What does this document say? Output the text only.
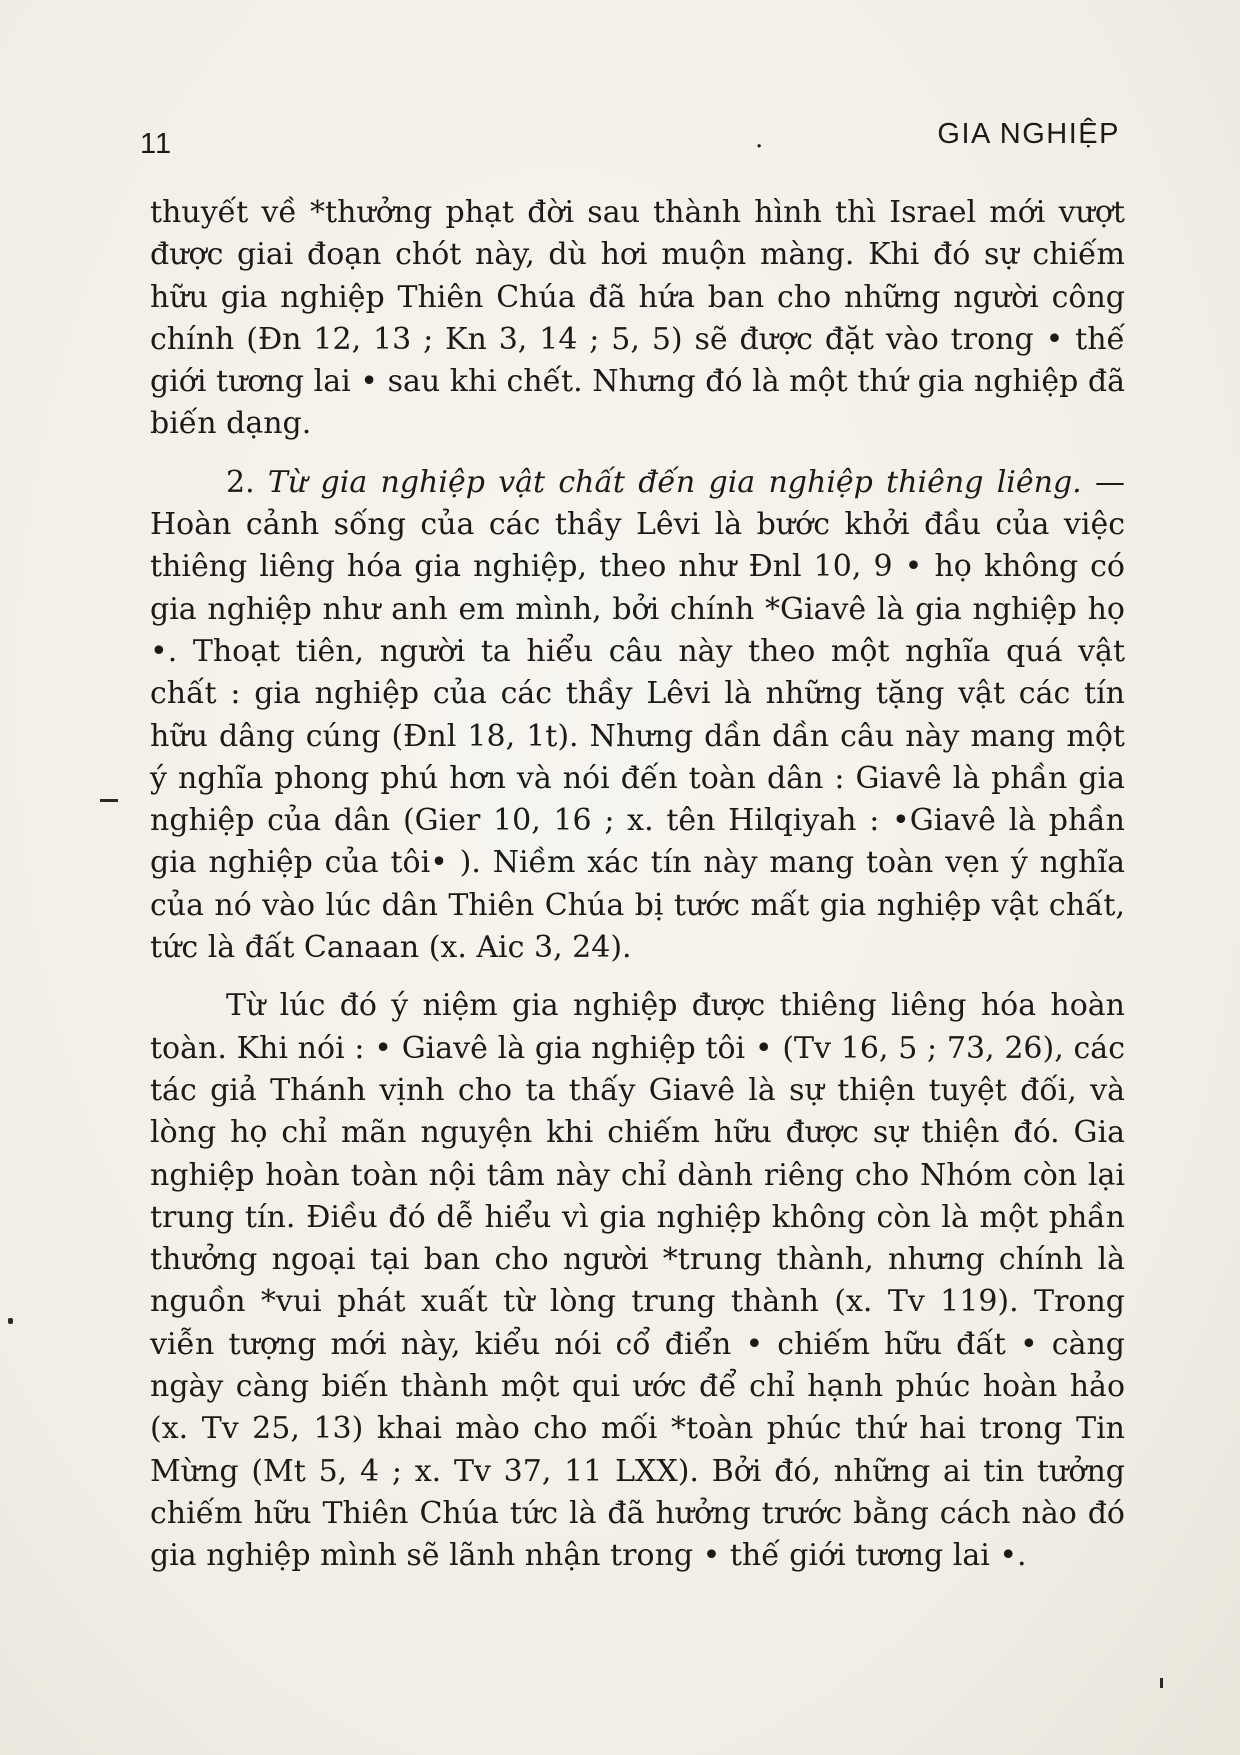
11	.	GIA NGHIỆP

thuyết về *thưởng phạt đời sau thành hình thì Israel mới vượt được giai đoạn chót này, dù hơi muộn màng. Khi đó sự chiếm hữu gia nghiệp Thiên Chúa đã hứa ban cho những người công chính (Đn 12, 13 ; Kn 3, 14 ; 5, 5) sẽ được đặt vào trong • thế giới tương lai • sau khi chết. Nhưng đó là một thứ gia nghiệp đã biến dạng.

2. Từ gia nghiệp vật chất đến gia nghiệp thiêng liêng. — Hoàn cảnh sống của các thầy Lêvi là bước khởi đầu của việc thiêng liêng hóa gia nghiệp, theo như Đnl 10, 9 • họ không có gia nghiệp như anh em mình, bởi chính *Giavê là gia nghiệp họ •. Thoạt tiên, người ta hiểu câu này theo một nghĩa quá vật chất : gia nghiệp của các thầy Lêvi là những tặng vật các tín hữu dâng cúng (Đnl 18, 1t). Nhưng dần dần câu này mang một ý nghĩa phong phú hơn và nói đến toàn dân : Giavê là phần gia nghiệp của dân (Gier 10, 16 ; x. tên Hilqiyah : •Giavê là phần gia nghiệp của tôi• ). Niềm xác tín này mang toàn vẹn ý nghĩa của nó vào lúc dân Thiên Chúa bị tước mất gia nghiệp vật chất, tức là đất Canaan (x. Aic 3, 24).

Từ lúc đó ý niệm gia nghiệp được thiêng liêng hóa hoàn toàn. Khi nói : • Giavê là gia nghiệp tôi • (Tv 16, 5 ; 73, 26), các tác giả Thánh vịnh cho ta thấy Giavê là sự thiện tuyệt đối, và lòng họ chỉ mãn nguyện khi chiếm hữu được sự thiện đó. Gia nghiệp hoàn toàn nội tâm này chỉ dành riêng cho Nhóm còn lại trung tín. Điều đó dễ hiểu vì gia nghiệp không còn là một phần thưởng ngoại tại ban cho người *trung thành, nhưng chính là nguồn *vui phát xuất từ lòng trung thành (x. Tv 119). Trong viễn tượng mới này, kiểu nói cổ điển • chiếm hữu đất • càng ngày càng biến thành một qui ước để chỉ hạnh phúc hoàn hảo (x. Tv 25, 13) khai mào cho mối *toàn phúc thứ hai trong Tin Mừng (Mt 5, 4 ; x. Tv 37, 11 LXX). Bởi đó, những ai tin tưởng chiếm hữu Thiên Chúa tức là đã hưởng trước bằng cách nào đó gia nghiệp mình sẽ lãnh nhận trong • thế giới tương lai •.
